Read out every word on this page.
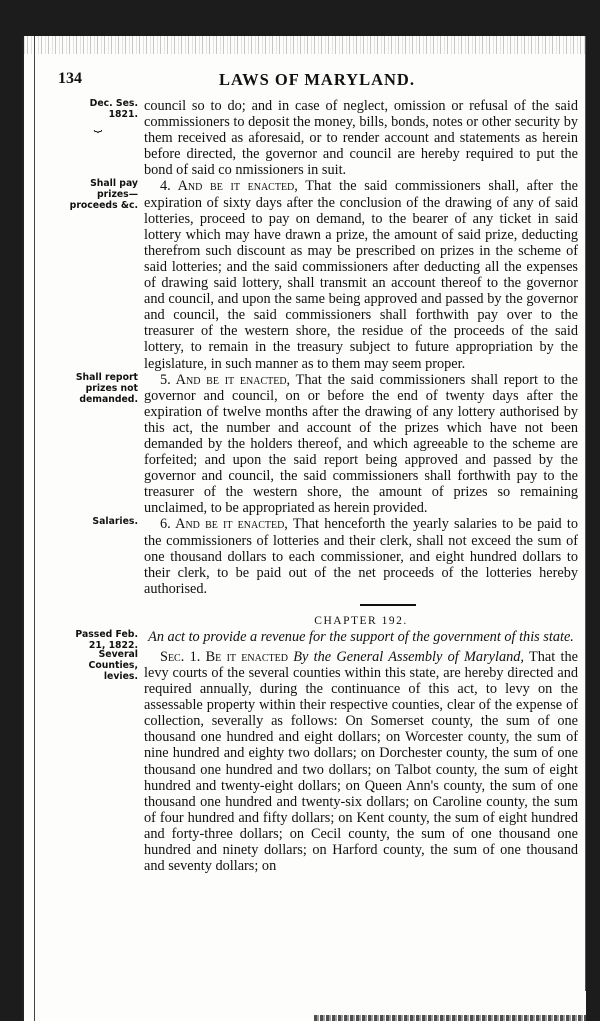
134	LAWS OF MARYLAND.
Dec. Ses. 1821.
⏟
council so to do; and in case of neglect, omission or refusal of the said commissioners to deposit the money, bills, bonds, notes or other security by them received as aforesaid, or to render account and statements as herein before directed, the governor and council are hereby required to put the bond of said co nmissioners in suit.
Shall pay prizes—proceeds &c.
4. And be it enacted, That the said commissioners shall, after the expiration of sixty days after the conclusion of the drawing of any of said lotteries, proceed to pay on demand, to the bearer of any ticket in said lottery which may have drawn a prize, the amount of said prize, deducting therefrom such discount as may be prescribed on prizes in the scheme of said lotteries; and the said commissioners after deducting all the expenses of drawing said lottery, shall transmit an account thereof to the governor and council, and upon the same being approved and passed by the governor and council, the said commissioners shall forthwith pay over to the treasurer of the western shore, the residue of the proceeds of the said lottery, to remain in the treasury subject to future appropriation by the legislature, in such manner as to them may seem proper.
Shall report prizes not demanded.
5. And be it enacted, That the said commissioners shall report to the governor and council, on or before the end of twenty days after the expiration of twelve months after the drawing of any lottery authorised by this act, the number and account of the prizes which have not been demanded by the holders thereof, and which agreeable to the scheme are forfeited; and upon the said report being approved and passed by the governor and council, the said commissioners shall forthwith pay to the treasurer of the western shore, the amount of prizes so remaining unclaimed, to be appropriated as herein provided.
Salaries.	6. And be it enacted, That henceforth the yearly salaries to be paid to the commissioners of lotteries and their clerk, shall not exceed the sum of one thousand dollars to each commissioner, and eight hundred dollars to their clerk, to be paid out of the net proceeds of the lotteries hereby authorised.
CHAPTER 192.
Passed Feb. 21, 1822.
An act to provide a revenue for the support of the government of this state.
Several Counties, levies.
Sec. 1. Be it enacted By the General Assembly of Maryland, That the levy courts of the several counties within this state, are hereby directed and required annually, during the continuance of this act, to levy on the assessable property within their respective counties, clear of the expense of collection, severally as follows: On Somerset county, the sum of one thousand one hundred and eight dollars; on Worcester county, the sum of nine hundred and eighty two dollars; on Dorchester county, the sum of one thousand one hundred and two dollars; on Talbot county, the sum of eight hundred and twenty-eight dollars; on Queen Ann's county, the sum of one thousand one hundred and twenty-six dollars; on Caroline county, the sum of four hundred and fifty dollars; on Kent county, the sum of eight hundred and forty-three dollars; on Cecil county, the sum of one thousand one hundred and ninety dollars; on Harford county, the sum of one thousand and seventy dollars; on
